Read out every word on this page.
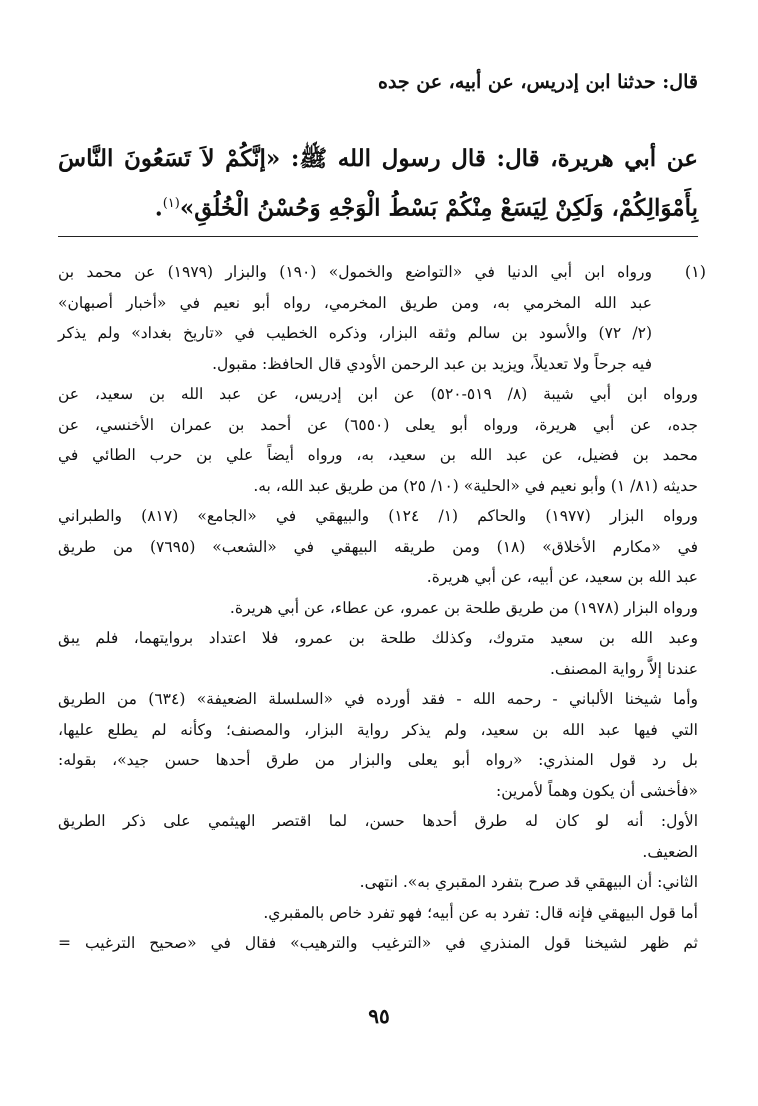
قال: حدثنا ابن إدريس، عن أبيه، عن جده
عن أبي هريرة، قال: قال رسول الله ﷺ: «إنَّكُمْ لاَ تَسَعُونَ النَّاسَ بِأَمْوَالِكُمْ، وَلَكِنْ لِيَسَعْ مِنْكُمْ بَسْطُ الْوَجْهِ وَحُسْنُ الْخُلُقِ»$^{(١)}$.
(١)
ورواه ابن أبي الدنيا في «التواضع والخمول» (١٩٠) والبزار (١٩٧٩) عن محمد بن
عبد الله المخرمي به، ومن طريق المخرمي، رواه أبو نعيم في «أخبار أصبهان»
(٢/ ٧٢) والأسود بن سالم وثقه البزار، وذكره الخطيب في «تاريخ بغداد» ولم يذكر
فيه جرحاً ولا تعديلاً، ويزيد بن عبد الرحمن الأودي قال الحافظ: مقبول.
ورواه ابن أبي شيبة (٨/ ٥١٩-٥٢٠) عن ابن إدريس، عن عبد الله بن سعيد، عن
جده، عن أبي هريرة، ورواه أبو يعلى (٦٥٥٠) عن أحمد بن عمران الأخنسي، عن
محمد بن فضيل، عن عبد الله بن سعيد، به، ورواه أيضاً علي بن حرب الطائي في
حديثه (٨١/ ١) وأبو نعيم في «الحلية» (١٠/ ٢٥) من طريق عبد الله، به.
ورواه البزار (١٩٧٧) والحاكم (١/ ١٢٤) والبيهقي في «الجامع» (٨١٧) والطبراني
في «مكارم الأخلاق» (١٨) ومن طريقه البيهقي في «الشعب» (٧٦٩٥) من طريق
عبد الله بن سعيد، عن أبيه، عن أبي هريرة.
ورواه البزار (١٩٧٨) من طريق طلحة بن عمرو، عن عطاء، عن أبي هريرة.
وعبد الله بن سعيد متروك، وكذلك طلحة بن عمرو، فلا اعتداد بروايتهما، فلم يبق
عندنا إلاَّ رواية المصنف.
وأما شيخنا الألباني - رحمه الله - فقد أورده في «السلسلة الضعيفة» (٦٣٤) من الطريق
التي فيها عبد الله بن سعيد، ولم يذكر رواية البزار، والمصنف؛ وكأنه لم يطلع عليها،
بل رد قول المنذري: «رواه أبو يعلى والبزار من طرق أحدها حسن جيد»، بقوله:
«فأخشى أن يكون وهماً لأمرين:
الأول: أنه لو كان له طرق أحدها حسن، لما اقتصر الهيثمي على ذكر الطريق
الضعيف.
الثاني: أن البيهقي قد صرح بتفرد المقبري به». انتهى.
أما قول البيهقي فإنه قال: تفرد به عن أبيه؛ فهو تفرد خاص بالمقبري.
ثم ظهر لشيخنا قول المنذري في «الترغيب والترهيب» فقال في «صحيح الترغيب =
٩٥
